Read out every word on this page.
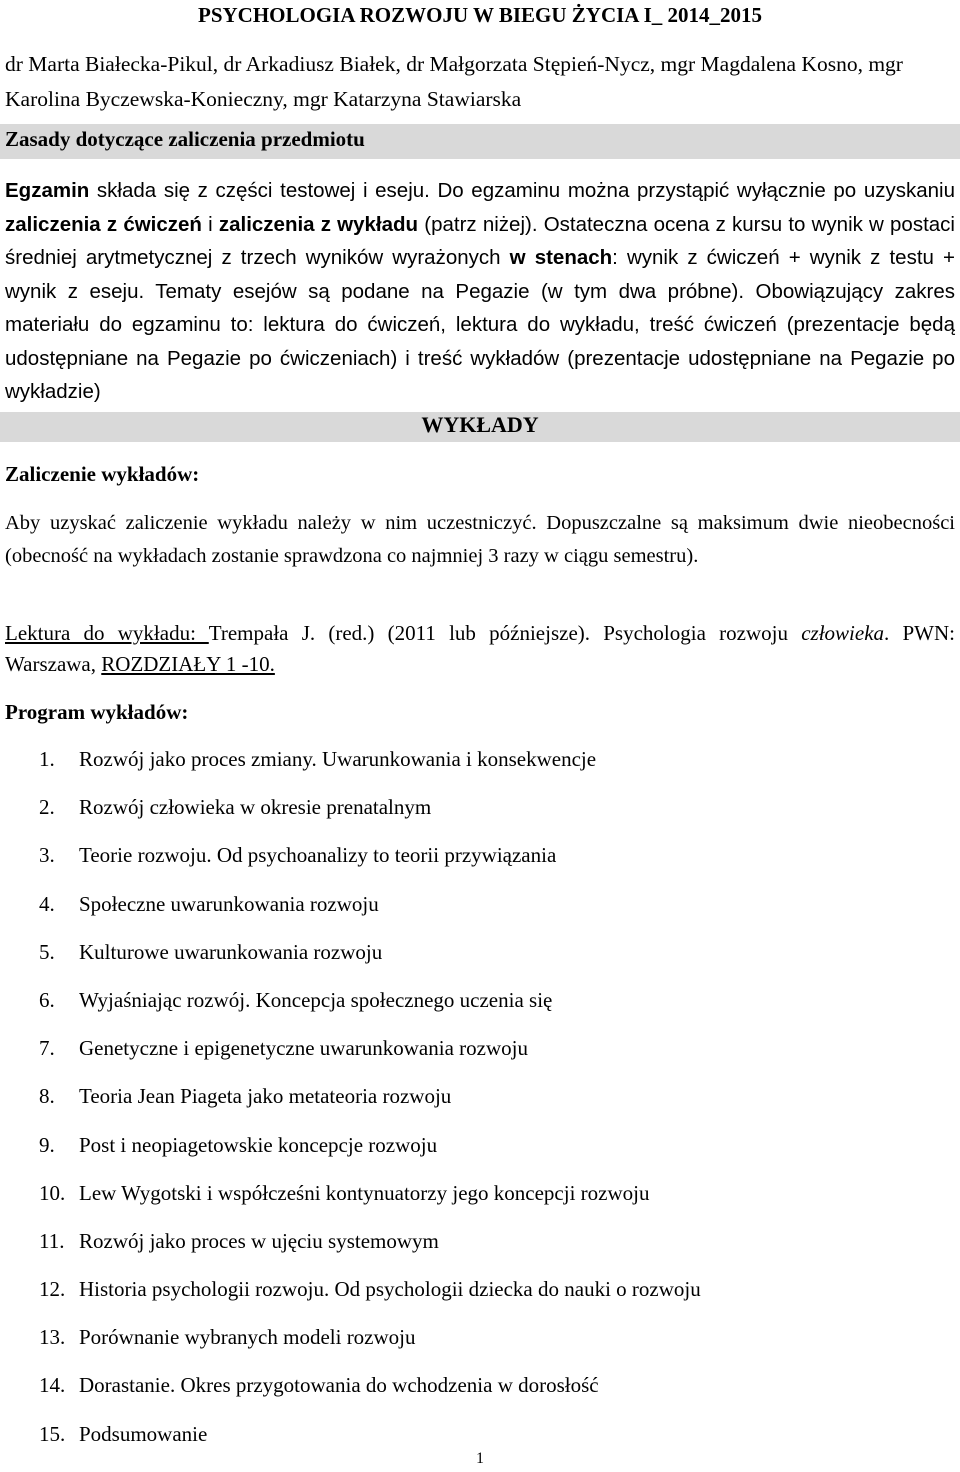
PSYCHOLOGIA ROZWOJU W BIEGU ŻYCIA I_ 2014_2015
dr Marta Białecka-Pikul, dr Arkadiusz Białek, dr Małgorzata Stępień-Nycz, mgr Magdalena Kosno, mgr Karolina Byczewska-Konieczny, mgr Katarzyna Stawiarska
Zasady dotyczące zaliczenia przedmiotu
Egzamin składa się z części testowej i eseju. Do egzaminu można przystąpić wyłącznie po uzyskaniu zaliczenia z ćwiczeń i zaliczenia z wykładu (patrz niżej). Ostateczna ocena z kursu to wynik w postaci średniej arytmetycznej z trzech wyników wyrażonych w stenach: wynik z ćwiczeń + wynik z testu + wynik z eseju. Tematy esejów są podane na Pegazie (w tym dwa próbne). Obowiązujący zakres materiału do egzaminu to: lektura do ćwiczeń, lektura do wykładu, treść ćwiczeń (prezentacje będą udostępniane na Pegazie po ćwiczeniach) i treść wykładów (prezentacje udostępniane na Pegazie po wykładzie)
WYKŁADY
Zaliczenie wykładów:
Aby uzyskać zaliczenie wykładu należy w nim uczestniczyć. Dopuszczalne są maksimum dwie nieobecności (obecność na wykładach zostanie sprawdzona co najmniej 3 razy w ciągu semestru).
Lektura do wykładu: Trempała J. (red.) (2011 lub późniejsze). Psychologia rozwoju człowieka. PWN: Warszawa, ROZDZIAŁY 1 -10.
Program wykładów:
1. Rozwój jako proces zmiany. Uwarunkowania i konsekwencje
2. Rozwój człowieka w okresie prenatalnym
3. Teorie rozwoju. Od psychoanalizy to teorii przywiązania
4. Społeczne uwarunkowania rozwoju
5. Kulturowe uwarunkowania rozwoju
6. Wyjaśniając rozwój. Koncepcja społecznego uczenia się
7. Genetyczne i epigenetyczne uwarunkowania rozwoju
8. Teoria Jean Piageta jako metateoria rozwoju
9. Post i neopiagetowskie koncepcje rozwoju
10. Lew Wygotski i współcześni kontynuatorzy jego koncepcji rozwoju
11. Rozwój jako proces w ujęciu systemowym
12. Historia psychologii rozwoju. Od psychologii dziecka do nauki o rozwoju
13. Porównanie wybranych modeli rozwoju
14. Dorastanie. Okres przygotowania do wchodzenia w dorosłość
15. Podsumowanie
1
